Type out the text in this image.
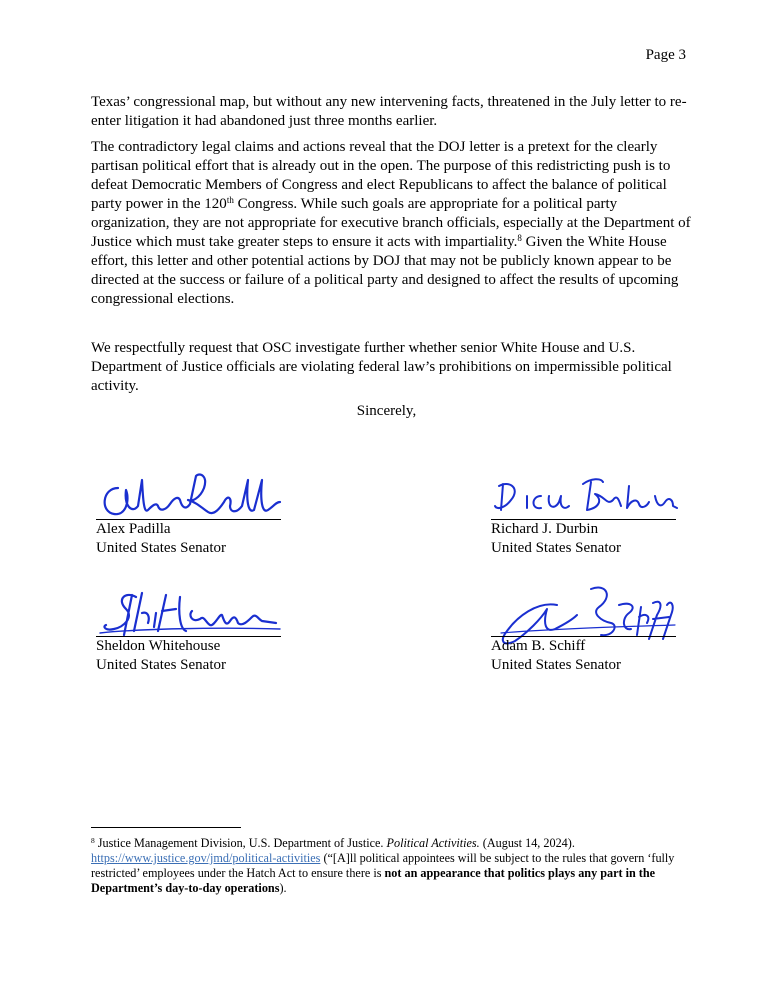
Page 3

Texas’ congressional map, but without any new intervening facts, threatened in the July letter to re-enter litigation it had abandoned just three months earlier.

The contradictory legal claims and actions reveal that the DOJ letter is a pretext for the clearly partisan political effort that is already out in the open. The purpose of this redistricting push is to defeat Democratic Members of Congress and elect Republicans to affect the balance of political party power in the 120th Congress. While such goals are appropriate for a political party organization, they are not appropriate for executive branch officials, especially at the Department of Justice which must take greater steps to ensure it acts with impartiality.$^8$ Given the White House effort, this letter and other potential actions by DOJ that may not be publicly known appear to be directed at the success or failure of a political party and designed to affect the results of upcoming congressional elections.

We respectfully request that OSC investigate further whether senior White House and U.S. Department of Justice officials are violating federal law’s prohibitions on impermissible political activity.

Sincerely,
Alex Padilla
United States Senator
Richard J. Durbin
United States Senator
Sheldon Whitehouse
United States Senator
Adam B. Schiff
United States Senator

$^8$ Justice Management Division, U.S. Department of Justice. Political Activities. (August 14, 2024).
https://www.justice.gov/jmd/political-activities (“[A]ll political appointees will be subject to the rules that govern ‘fully restricted’ employees under the Hatch Act to ensure there is not an appearance that politics plays any part in the Department’s day-to-day operations).
